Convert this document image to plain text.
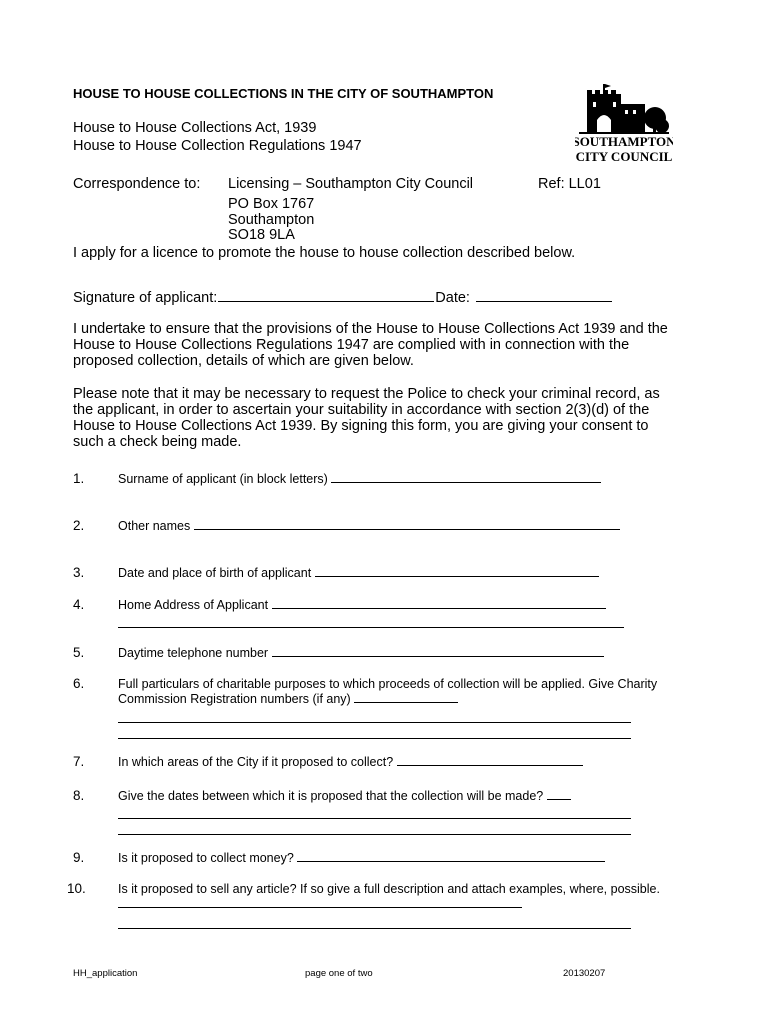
HOUSE TO HOUSE COLLECTIONS IN THE CITY OF SOUTHAMPTON
House to House Collections Act, 1939
House to House Collection Regulations 1947	SOUTHAMPTON
CITY COUNCIL
Correspondence to: Licensing – Southampton City Council
PO Box 1767
Southampton
SO18 9LA
Ref: LL01
I apply for a licence to promote the house to house collection described below.
Signature of applicant:	Date:
I undertake to ensure that the provisions of the House to House Collections Act 1939 and the House to House Collections Regulations 1947 are complied with in connection with the proposed collection, details of which are given below.
Please note that it may be necessary to request the Police to check your criminal record, as the applicant, in order to ascertain your suitability in accordance with section 2(3)(d) of the House to House Collections Act 1939. By signing this form, you are giving your consent to such a check being made.
1.	Surname of applicant (in block letters)
2.	Other names
3.	Date and place of birth of applicant
4.	Home Address of Applicant
5.	Daytime telephone number
6.	Full particulars of charitable purposes to which proceeds of collection will be applied. Give Charity Commission Registration numbers (if any)
7.	In which areas of the City if it proposed to collect?
8.	Give the dates between which it is proposed that the collection will be made?
9.	Is it proposed to collect money?
10.	Is it proposed to sell any article? If so give a full description and attach examples, where, possible.
HH_application	page one of two	20130207
